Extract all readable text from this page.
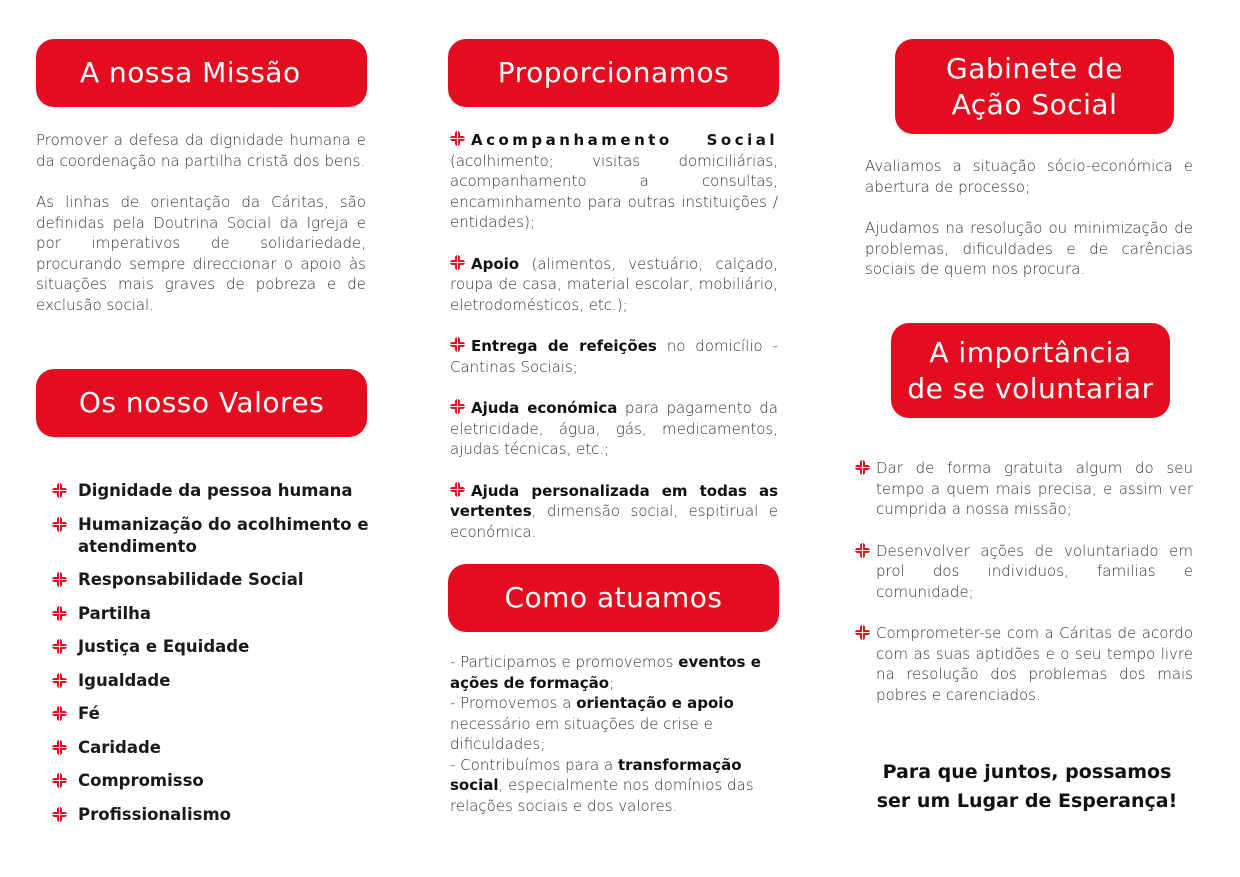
A nossa Missão

Promover a defesa da dignidade humana e da coordenação na partilha cristã dos bens.

As linhas de orientação da Cáritas, são definidas pela Doutrina Social da Igreja e por imperativos de solidariedade, procurando sempre direccionar o apoio às situações mais graves de pobreza e de exclusão social.

Os nosso Valores
Dignidade da pessoa humana
Humanização do acolhimento e atendimento
Responsabilidade Social
Partilha
Justiça e Equidade
Igualdade
Fé
Caridade
Compromisso
Profissionalismo
Proporcionamos

Acompanhamento Social (acolhimento; visitas domiciliárias, acompanhamento a consultas, encaminhamento para outras instituições / entidades);

Apoio (alimentos, vestuário, calçado, roupa de casa, material escolar, mobiliário, eletrodomésticos, etc.);

Entrega de refeições no domicílio - Cantinas Sociais;

Ajuda económica para pagamento da eletricidade, água, gás, medicamentos, ajudas técnicas, etc.;

Ajuda personalizada em todas as vertentes, dimensão social, espitirual e económica.

Como atuamos
- Participamos e promovemos eventos e ações de formação;
- Promovemos a orientação e apoio necessário em situações de crise e dificuldades;
- Contribuímos para a transformação social, especialmente nos domínios das relações sociais e dos valores.
Gabinete de
Ação Social

Avaliamos a situação sócio-económica e abertura de processo;

Ajudamos na resolução ou minimização de problemas, dificuldades e de carências sociais de quem nos procura.

A importância
de se voluntariar

Dar de forma gratuita algum do seu tempo a quem mais precisa, e assim ver cumprida a nossa missão;

Desenvolver ações de voluntariado em prol dos individuos, familias e comunidade;

Comprometer-se com a Cáritas de acordo com as suas aptidões e o seu tempo livre na resolução dos problemas dos mais pobres e carenciados.

Para que juntos, possamos
ser um Lugar de Esperança!
